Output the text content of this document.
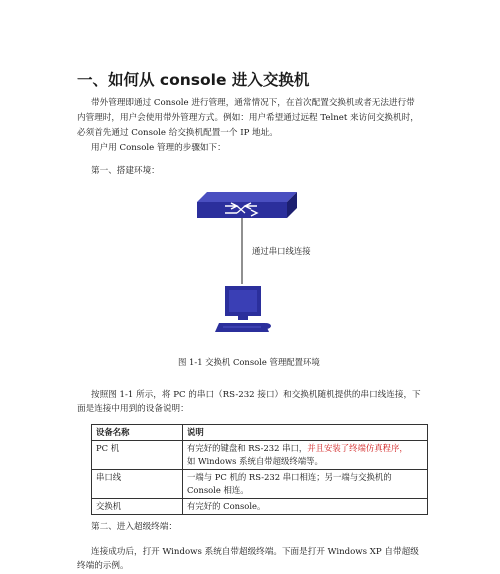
一、如何从 console 进入交换机
带外管理即通过 Console 进行管理，通常情况下，在首次配置交换机或者无法进行带
内管理时，用户会使用带外管理方式。例如：用户希望通过远程 Telnet 来访问交换机时，
必须首先通过 Console 给交换机配置一个 IP 地址。
用户用 Console 管理的步骤如下：
第一、搭建环境：
通过串口线连接
图 1-1 交换机 Console 管理配置环境
按照图 1-1 所示，将 PC 的串口（RS-232 接口）和交换机随机提供的串口线连接，下
面是连接中用到的设备说明：
设备名称	说明
PC 机	有完好的键盘和 RS-232 串口，并且安装了终端仿真程序，
如 Windows 系统自带超级终端等。
串口线	一端与 PC 机的 RS-232 串口相连；另一端与交换机的
Console 相连。
交换机	有完好的 Console。
第二、进入超级终端：
连接成功后，打开 Windows 系统自带超级终端。下面是打开 Windows XP 自带超级
终端的示例。
